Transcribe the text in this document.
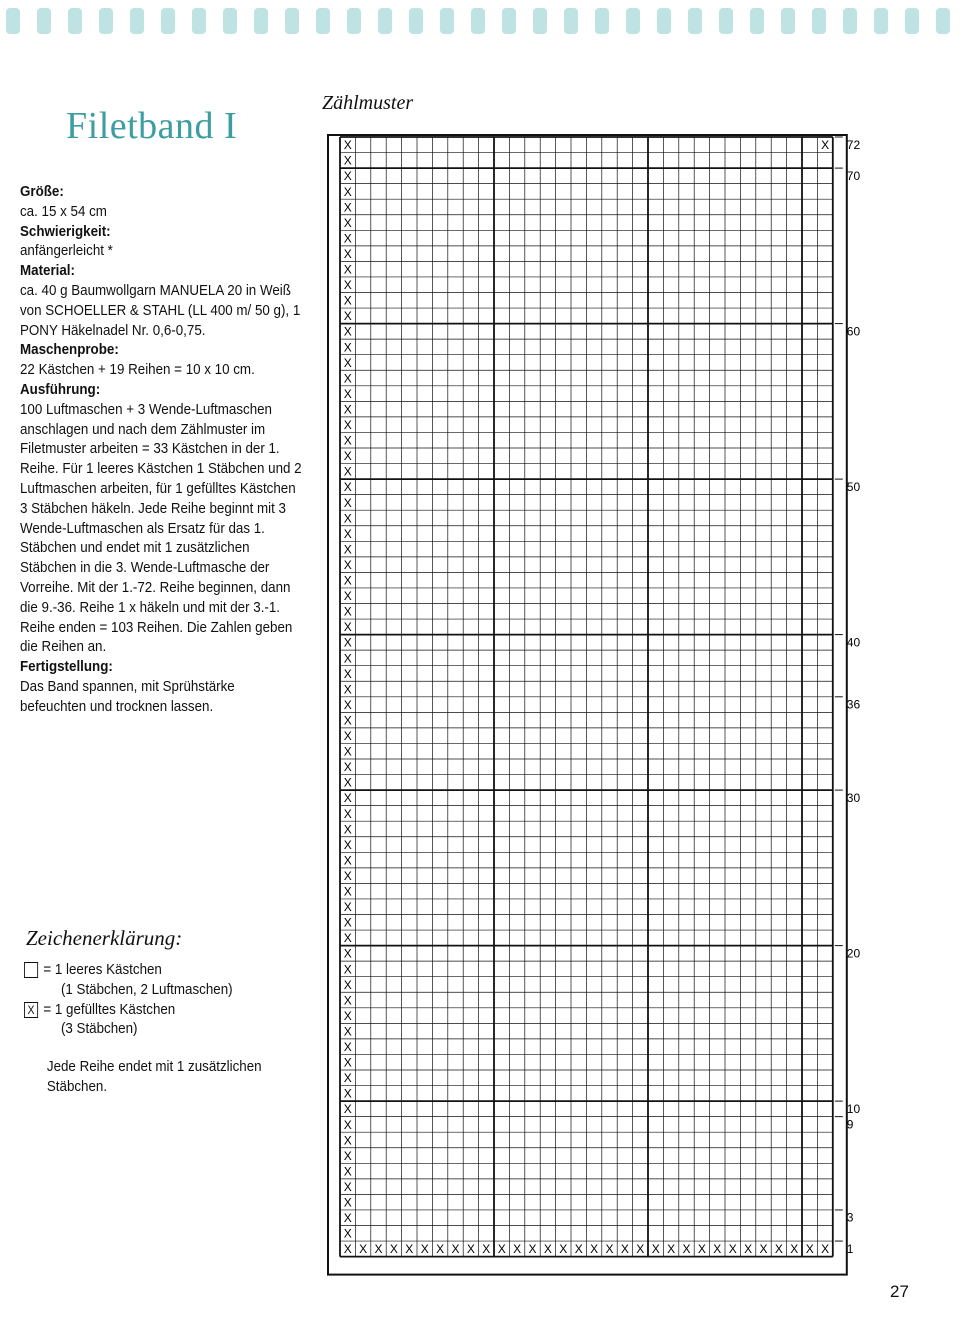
Filetband I
Größe:
ca. 15 x 54 cm
Schwierigkeit:
anfängerleicht *
Material:
ca. 40 g Baumwollgarn MANUELA 20 in Weiß von SCHOELLER & STAHL (LL 400 m/ 50 g), 1 PONY Häkelnadel Nr. 0,6-0,75.
Maschenprobe:
22 Kästchen + 19 Reihen = 10 x 10 cm.
Ausführung:
100 Luftmaschen + 3 Wende-Luftmaschen anschlagen und nach dem Zählmuster im Filetmuster arbeiten = 33 Kästchen in der 1. Reihe. Für 1 leeres Kästchen 1 Stäbchen und 2 Luftmaschen arbeiten, für 1 gefülltes Kästchen 3 Stäbchen häkeln. Jede Reihe beginnt mit 3 Wende-Luftmaschen als Ersatz für das 1. Stäbchen und endet mit 1 zusätzlichen Stäbchen in die 3. Wende-Luftmasche der Vorreihe. Mit der 1.-72. Reihe beginnen, dann die 9.-36. Reihe 1 x häkeln und mit der 3.-1. Reihe enden = 103 Reihen. Die Zahlen geben die Reihen an.
Fertigstellung:
Das Band spannen, mit Sprühstärke befeuchten und trocknen lassen.
Zeichenerklärung:
= 1 leeres Kästchen
(1 Stäbchen, 2 Luftmaschen)
X = 1 gefülltes Kästchen
(3 Stäbchen)
Jede Reihe endet mit 1 zusätzlichen Stäbchen.
Zählmuster
X	X
X
X
X
X
X
X
X
X
X
X
X
X
X
X
X
X
X
X
X
X
X
X
X
X
X
X
X
X
X
X
X
X
X
X
X
X
X
X
X
X
X
X
X
X
X
X
X
X
X
X
X
X
X
X
X
X
X
X
X
X
X
X
X
X
X
X
X
X
X
X
X X X X X X X X X X X X X X X X X X X X X X X X X X X X X X X X
72
70
60
50
40
36
30
20
10
9
3
1
27
